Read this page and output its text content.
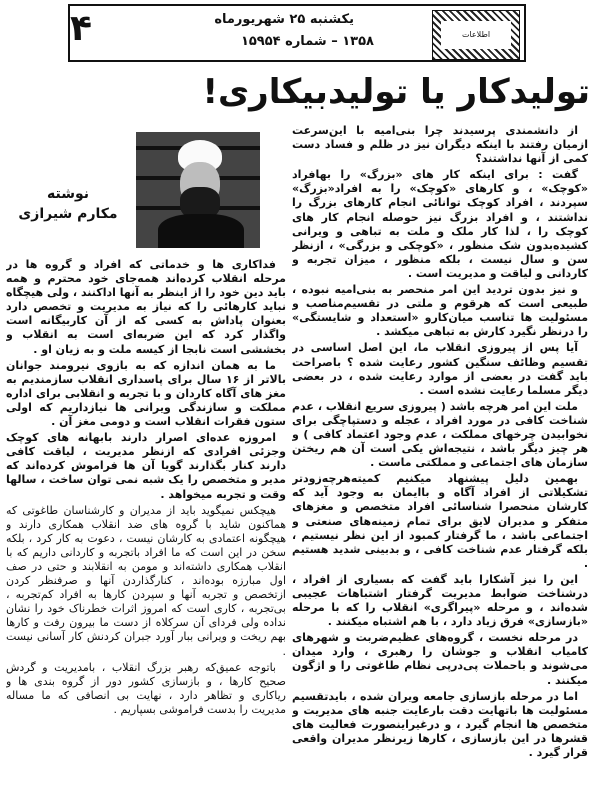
اطلاعات
یکشنبه ۲۵ شهریورماه
۱۳۵۸ – شماره ۱۵۹۵۴
۴
تولیدکار یا تولیدبیکاری!
نوشته
مکارم شیرازی

از دانشمندی پرسیدند چرا بنی‌امیه با این‌سرعت ازمیان رفتند با اینکه دیگران نیز در ظلم و فساد دست کمی از آنها نداشتند؟

گفت : برای اینکه کار های «بزرگ» را بهافراد «کوچک» ، و کارهای «کوچک» را به افراد«بزرگ» سپردند ، افراد کوچک توانائی انجام کارهای بزرگ را نداشتند ، و افراد بزرگ نیز حوصله انجام کار های کوچک را ، لذا کار ملک و ملت به تباهی و ویرانی کشیده‌بدون شک منظور ، «کوچکی و بزرگی» ، ازنظر سن و سال نیست ، بلکه منظور ، میزان تجربه و کاردانی و لیاقت و مدیریت است .

و نیز بدون تردید این امر منحصر به بنی‌امیه نبوده ، طبیعی است که هرقوم و ملتی در تقسیم‌مناصب و مسئولیت ها تناسب میان‌کارو «استعداد و شایستگی» را درنظر نگیرد کارش به تباهی میکشد .

آیا پس از پیروزی انقلاب ما، این اصل اساسی در تقسیم وظائف سنگین کشور رعایت شده ؟ باصراحت باید گفت در بعضی از موارد رعایت شده ، در بعضی دیگر مسلما رعایت نشده است .

ملت این امر هرچه باشد ( پیروزی سریع انقلاب ، عدم شناخت کافی در مورد افراد ، عجله و دستپاچگی برای نخوابیدن چرخهای مملکت ، عدم وجود اعتماد کافی ) و هر چیز دیگر باشد ، نتیجه‌اش یکی است آن هم ریختن سازمان های اجتماعی و مملکتی ماست .

بهمین دلیل پیشنهاد میکنیم کمیته‌هرچه‌زودتر تشکیلاتی از افراد آگاه و باایمان به وجود آید که کارشان منحصرا شناسائی افراد متخصص و مغزهای متفکر و مدیران لایق برای تمام زمینه‌های صنعتی و اجتماعی باشد ، ما گرفتار کمبود از این نظر نیستیم ، بلکه گرفتار عدم شناخت کافی ، و بدبینی شدید هستیم .

این را نیز آشکارا باید گفت که بسیاری از افراد ، درشناخت ضوابط مدیریت گرفتار اشتباهات عجیبی شده‌اند ، و مرحله «پیراگری» انقلاب را که با مرحله «بازسازی» فرق زیاد دارد ، با هم اشتباه میکنند .

در مرحله نخست ، گروه‌های عظیم‌ضربت و شهرهای کامیاب انقلاب و جوشان را رهبری ، وارد میدان می‌شوند و باحملات پی‌درپی نظام طاغوتی را و اژگون میکنند .

اما در مرحله بازسازی جامعه ویران شده ، بایدتقسیم مسئولیت ها باتهایت دقت بارعایت جنبه های مدیریت و متخصص ها انجام گیرد ، و درغیراینصورت فعالیت های قشرها در این بازسازی ، کارها زیرنظر مدیران واقعی قرار گیرد .

فداکاری ها و خدماتی که افراد و گروه ها در مرحله انقلاب کرده‌اند همه‌جای خود محترم و همه باید دین خود را از اینظر به آنها اداکنند ، ولی هیچگاه نباید کارهائی را که نیاز به مدیریت و تخصص دارد بعنوان پاداش به کسی که از آن کاربیگانه است واگذار کرد که این ضربه‌ای است به انقلاب و بخششی است نابجا از کیسه ملت و به زیان او .

ما به همان اندازه که به بازوی نیرومند جوانان بالاتر از ۱۶ سال برای پاسداری انقلاب سازمندیم به مغز های آگاه کاردان و با تجربه و انقلابی برای اداره مملکت و سازندگی ویرانی ها نیازداریم که اولی ستون فقرات انقلاب است و دومی مغز آن .

امروزه عده‌ای اصرار دارند بابهانه های کوچک وجزئی افرادی که ازنظر مدیریت ، لیاقت کافی دارند کنار بگذارند گویا آن ها فراموش کرده‌اند که مدیر و متخصص را یک شبه نمی توان ساخت ، سالها وقت و تجربه میخواهد .

هیچکس نمیگوید باید از مدیران و کارشناسان طاغوتی که هماکنون شاید با گروه های ضد انقلاب همکاری دارند و هیچگونه اعتمادی به کارشان نیست ، دعوت به کار کرد ، بلکه سخن در این است که ما افراد باتجربه و کاردانی داریم که با انقلاب همکاری داشته‌اند و مومن به انقلابند و حتی در صف اول مبارزه بوده‌اند ، کنارگذاردن آنها و صرفنظر کردن ازتخصص و تجربه آنها و سپردن کارها به افراد کم‌تجربه ، بی‌تجربه ، کاری است که امروز اثرات خطرناک خود را نشان نداده ولی فردای آن سرکلاه از دست ما بیرون رفت و کارها بهم ریخت و ویرانی ببار آورد جبران کردنش کار آسانی نیست .

باتوجه عمیق‌که رهبر بزرگ انقلاب ، بامدیریت و گردش صحیح کارها ، و بازسازی کشور دور از گروه بندی ها و ریاکاری و تظاهر دارد ، نهایت بی انصافی که ما مساله مدیریت را بدست فراموشی بسپاریم .
